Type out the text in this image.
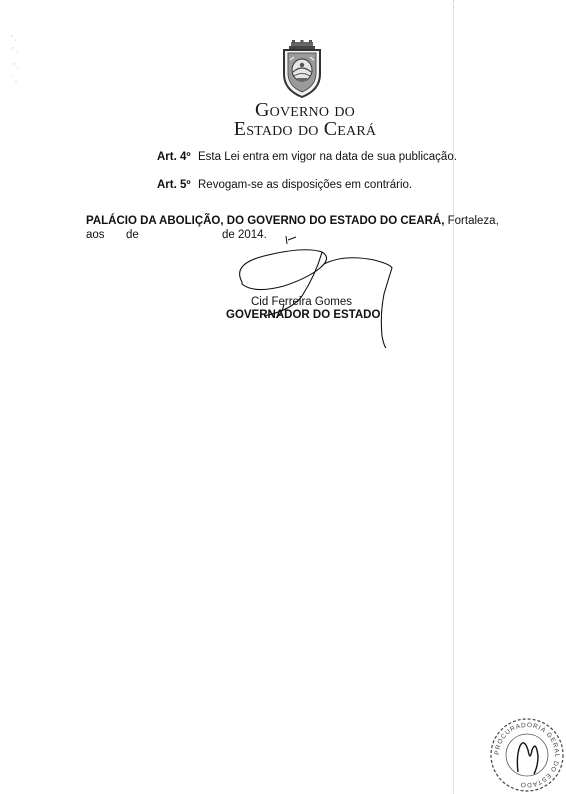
Governo do
Estado do Ceará
Art. 4º Esta Lei entra em vigor na data de sua publicação.
Art. 5º Revogam-se as disposições em contrário.
PALÁCIO DA ABOLIÇÃO, DO GOVERNO DO ESTADO DO CEARÁ, Fortaleza,
aos de	de 2014.
Cid Ferreira Gomes
GOVERNADOR DO ESTADO
PROCURADORIA GERAL DO ESTADO
